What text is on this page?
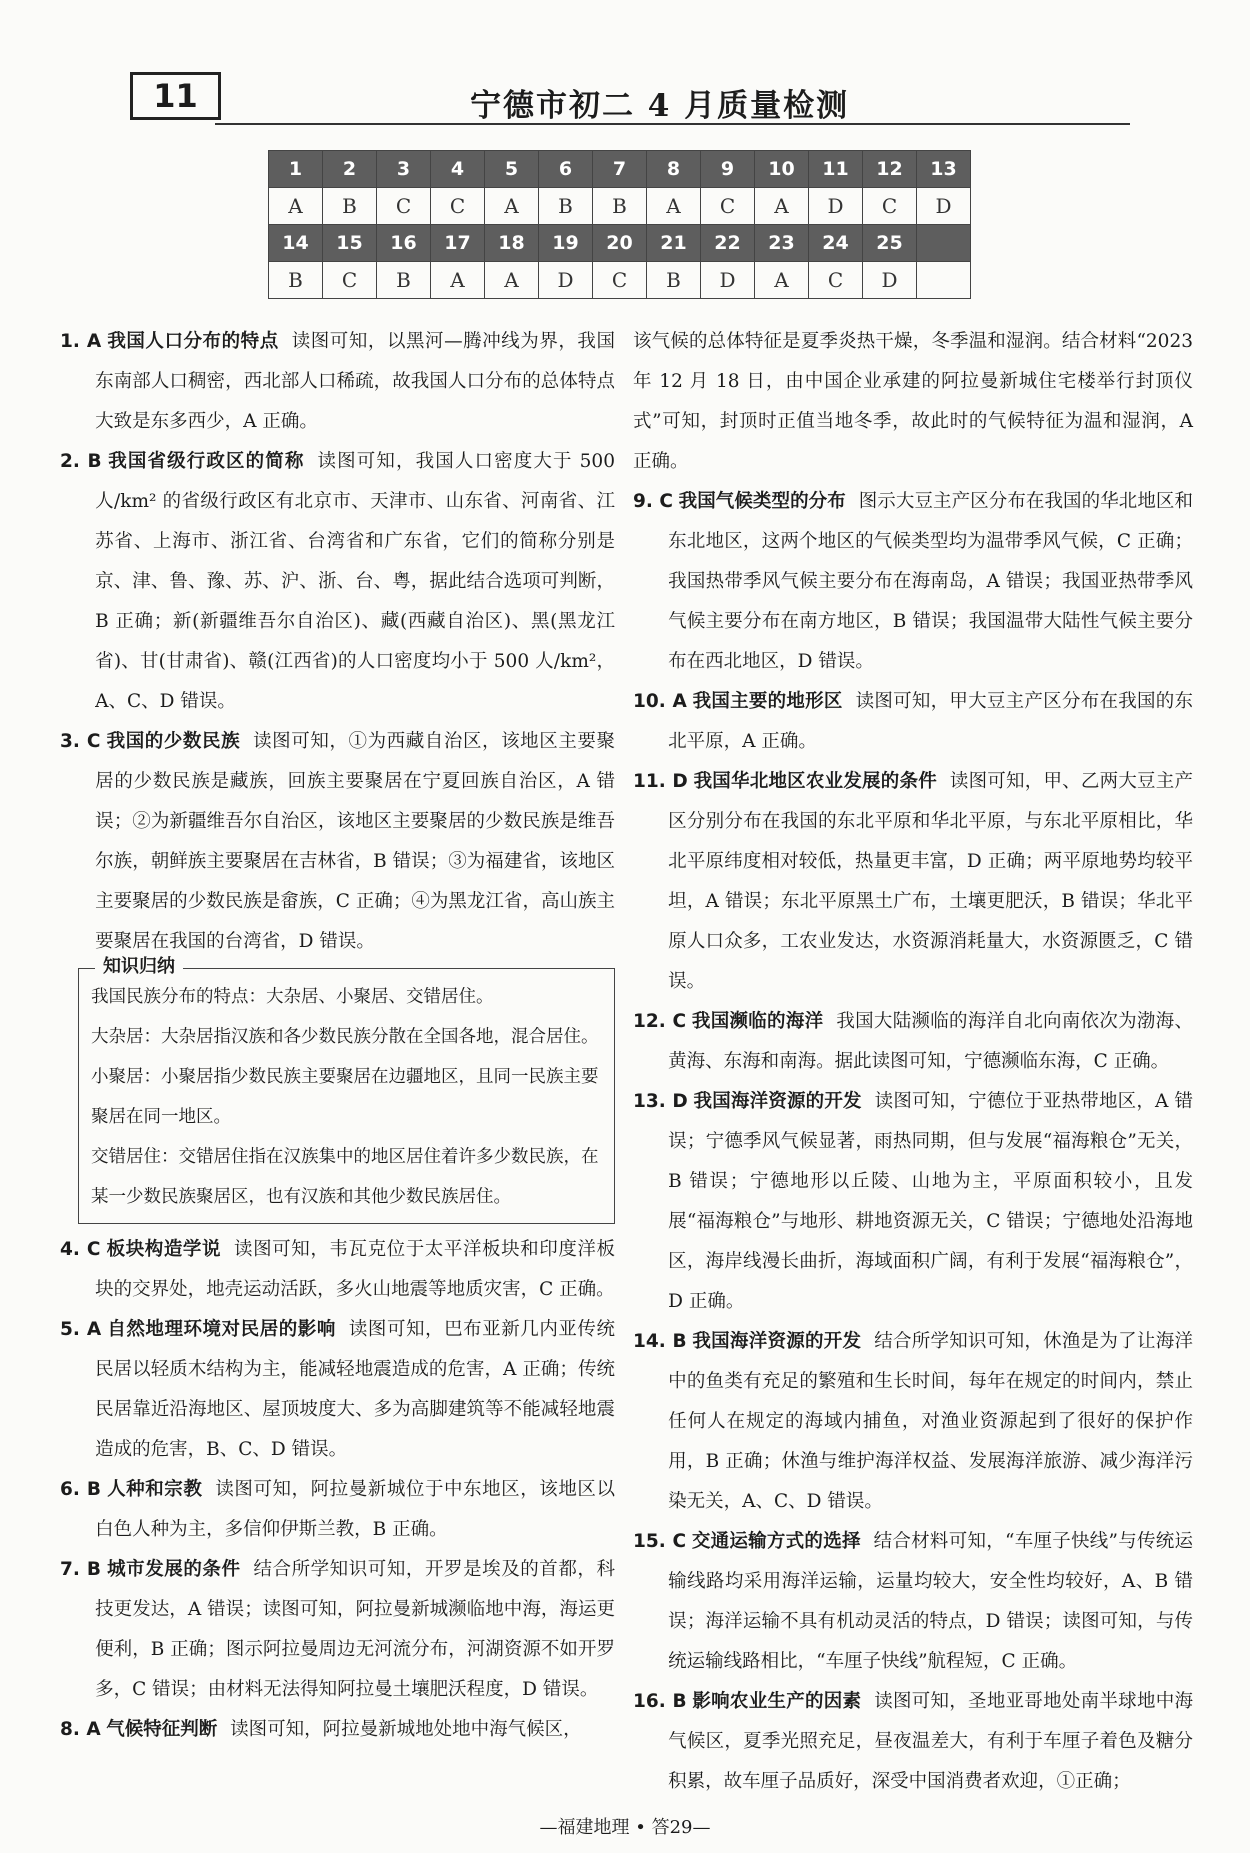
11	宁德市初二 4 月质量检测
1	2	3	4	5	6	7	8	9	10	11	12	13
A	B	C	C	A	B	B	A	C	A	D	C	D
14	15	16	17	18	19	20	21	22	23	24	25	
B	C	B	A	A	D	C	B	D	A	C	D	

1. A 我国人口分布的特点 读图可知，以黑河—腾冲线为界，我国东南部人口稠密，西北部人口稀疏，故我国人口分布的总体特点大致是东多西少，A 正确。

2. B 我国省级行政区的简称 读图可知，我国人口密度大于 500 人/km² 的省级行政区有北京市、天津市、山东省、河南省、江苏省、上海市、浙江省、台湾省和广东省，它们的简称分别是京、津、鲁、豫、苏、沪、浙、台、粤，据此结合选项可判断，B 正确；新(新疆维吾尔自治区)、藏(西藏自治区)、黑(黑龙江省)、甘(甘肃省)、赣(江西省)的人口密度均小于 500 人/km²，A、C、D 错误。

3. C 我国的少数民族 读图可知，①为西藏自治区，该地区主要聚居的少数民族是藏族，回族主要聚居在宁夏回族自治区，A 错误；②为新疆维吾尔自治区，该地区主要聚居的少数民族是维吾尔族，朝鲜族主要聚居在吉林省，B 错误；③为福建省，该地区主要聚居的少数民族是畲族，C 正确；④为黑龙江省，高山族主要聚居在我国的台湾省，D 错误。

知识归纳

我国民族分布的特点：大杂居、小聚居、交错居住。

大杂居：大杂居指汉族和各少数民族分散在全国各地，混合居住。

小聚居：小聚居指少数民族主要聚居在边疆地区，且同一民族主要聚居在同一地区。

交错居住：交错居住指在汉族集中的地区居住着许多少数民族，在某一少数民族聚居区，也有汉族和其他少数民族居住。

4. C 板块构造学说 读图可知，韦瓦克位于太平洋板块和印度洋板块的交界处，地壳运动活跃，多火山地震等地质灾害，C 正确。

5. A 自然地理环境对民居的影响 读图可知，巴布亚新几内亚传统民居以轻质木结构为主，能减轻地震造成的危害，A 正确；传统民居靠近沿海地区、屋顶坡度大、多为高脚建筑等不能减轻地震造成的危害，B、C、D 错误。

6. B 人种和宗教 读图可知，阿拉曼新城位于中东地区，该地区以白色人种为主，多信仰伊斯兰教，B 正确。

7. B 城市发展的条件 结合所学知识可知，开罗是埃及的首都，科技更发达，A 错误；读图可知，阿拉曼新城濒临地中海，海运更便利，B 正确；图示阿拉曼周边无河流分布，河湖资源不如开罗多，C 错误；由材料无法得知阿拉曼土壤肥沃程度，D 错误。

8. A 气候特征判断 读图可知，阿拉曼新城地处地中海气候区，

该气候的总体特征是夏季炎热干燥，冬季温和湿润。结合材料“2023 年 12 月 18 日，由中国企业承建的阿拉曼新城住宅楼举行封顶仪式”可知，封顶时正值当地冬季，故此时的气候特征为温和湿润，A 正确。

9. C 我国气候类型的分布 图示大豆主产区分布在我国的华北地区和东北地区，这两个地区的气候类型均为温带季风气候，C 正确；我国热带季风气候主要分布在海南岛，A 错误；我国亚热带季风气候主要分布在南方地区，B 错误；我国温带大陆性气候主要分布在西北地区，D 错误。

10. A 我国主要的地形区 读图可知，甲大豆主产区分布在我国的东北平原，A 正确。

11. D 我国华北地区农业发展的条件 读图可知，甲、乙两大豆主产区分别分布在我国的东北平原和华北平原，与东北平原相比，华北平原纬度相对较低，热量更丰富，D 正确；两平原地势均较平坦，A 错误；东北平原黑土广布，土壤更肥沃，B 错误；华北平原人口众多，工农业发达，水资源消耗量大，水资源匮乏，C 错误。

12. C 我国濒临的海洋 我国大陆濒临的海洋自北向南依次为渤海、黄海、东海和南海。据此读图可知，宁德濒临东海，C 正确。

13. D 我国海洋资源的开发 读图可知，宁德位于亚热带地区，A 错误；宁德季风气候显著，雨热同期，但与发展“福海粮仓”无关，B 错误；宁德地形以丘陵、山地为主，平原面积较小，且发展“福海粮仓”与地形、耕地资源无关，C 错误；宁德地处沿海地区，海岸线漫长曲折，海域面积广阔，有利于发展“福海粮仓”，D 正确。

14. B 我国海洋资源的开发 结合所学知识可知，休渔是为了让海洋中的鱼类有充足的繁殖和生长时间，每年在规定的时间内，禁止任何人在规定的海域内捕鱼，对渔业资源起到了很好的保护作用，B 正确；休渔与维护海洋权益、发展海洋旅游、减少海洋污染无关，A、C、D 错误。

15. C 交通运输方式的选择 结合材料可知，“车厘子快线”与传统运输线路均采用海洋运输，运量均较大，安全性均较好，A、B 错误；海洋运输不具有机动灵活的特点，D 错误；读图可知，与传统运输线路相比，“车厘子快线”航程短，C 正确。

16. B 影响农业生产的因素 读图可知，圣地亚哥地处南半球地中海气候区，夏季光照充足，昼夜温差大，有利于车厘子着色及糖分积累，故车厘子品质好，深受中国消费者欢迎，①正确；

—福建地理 • 答29—
